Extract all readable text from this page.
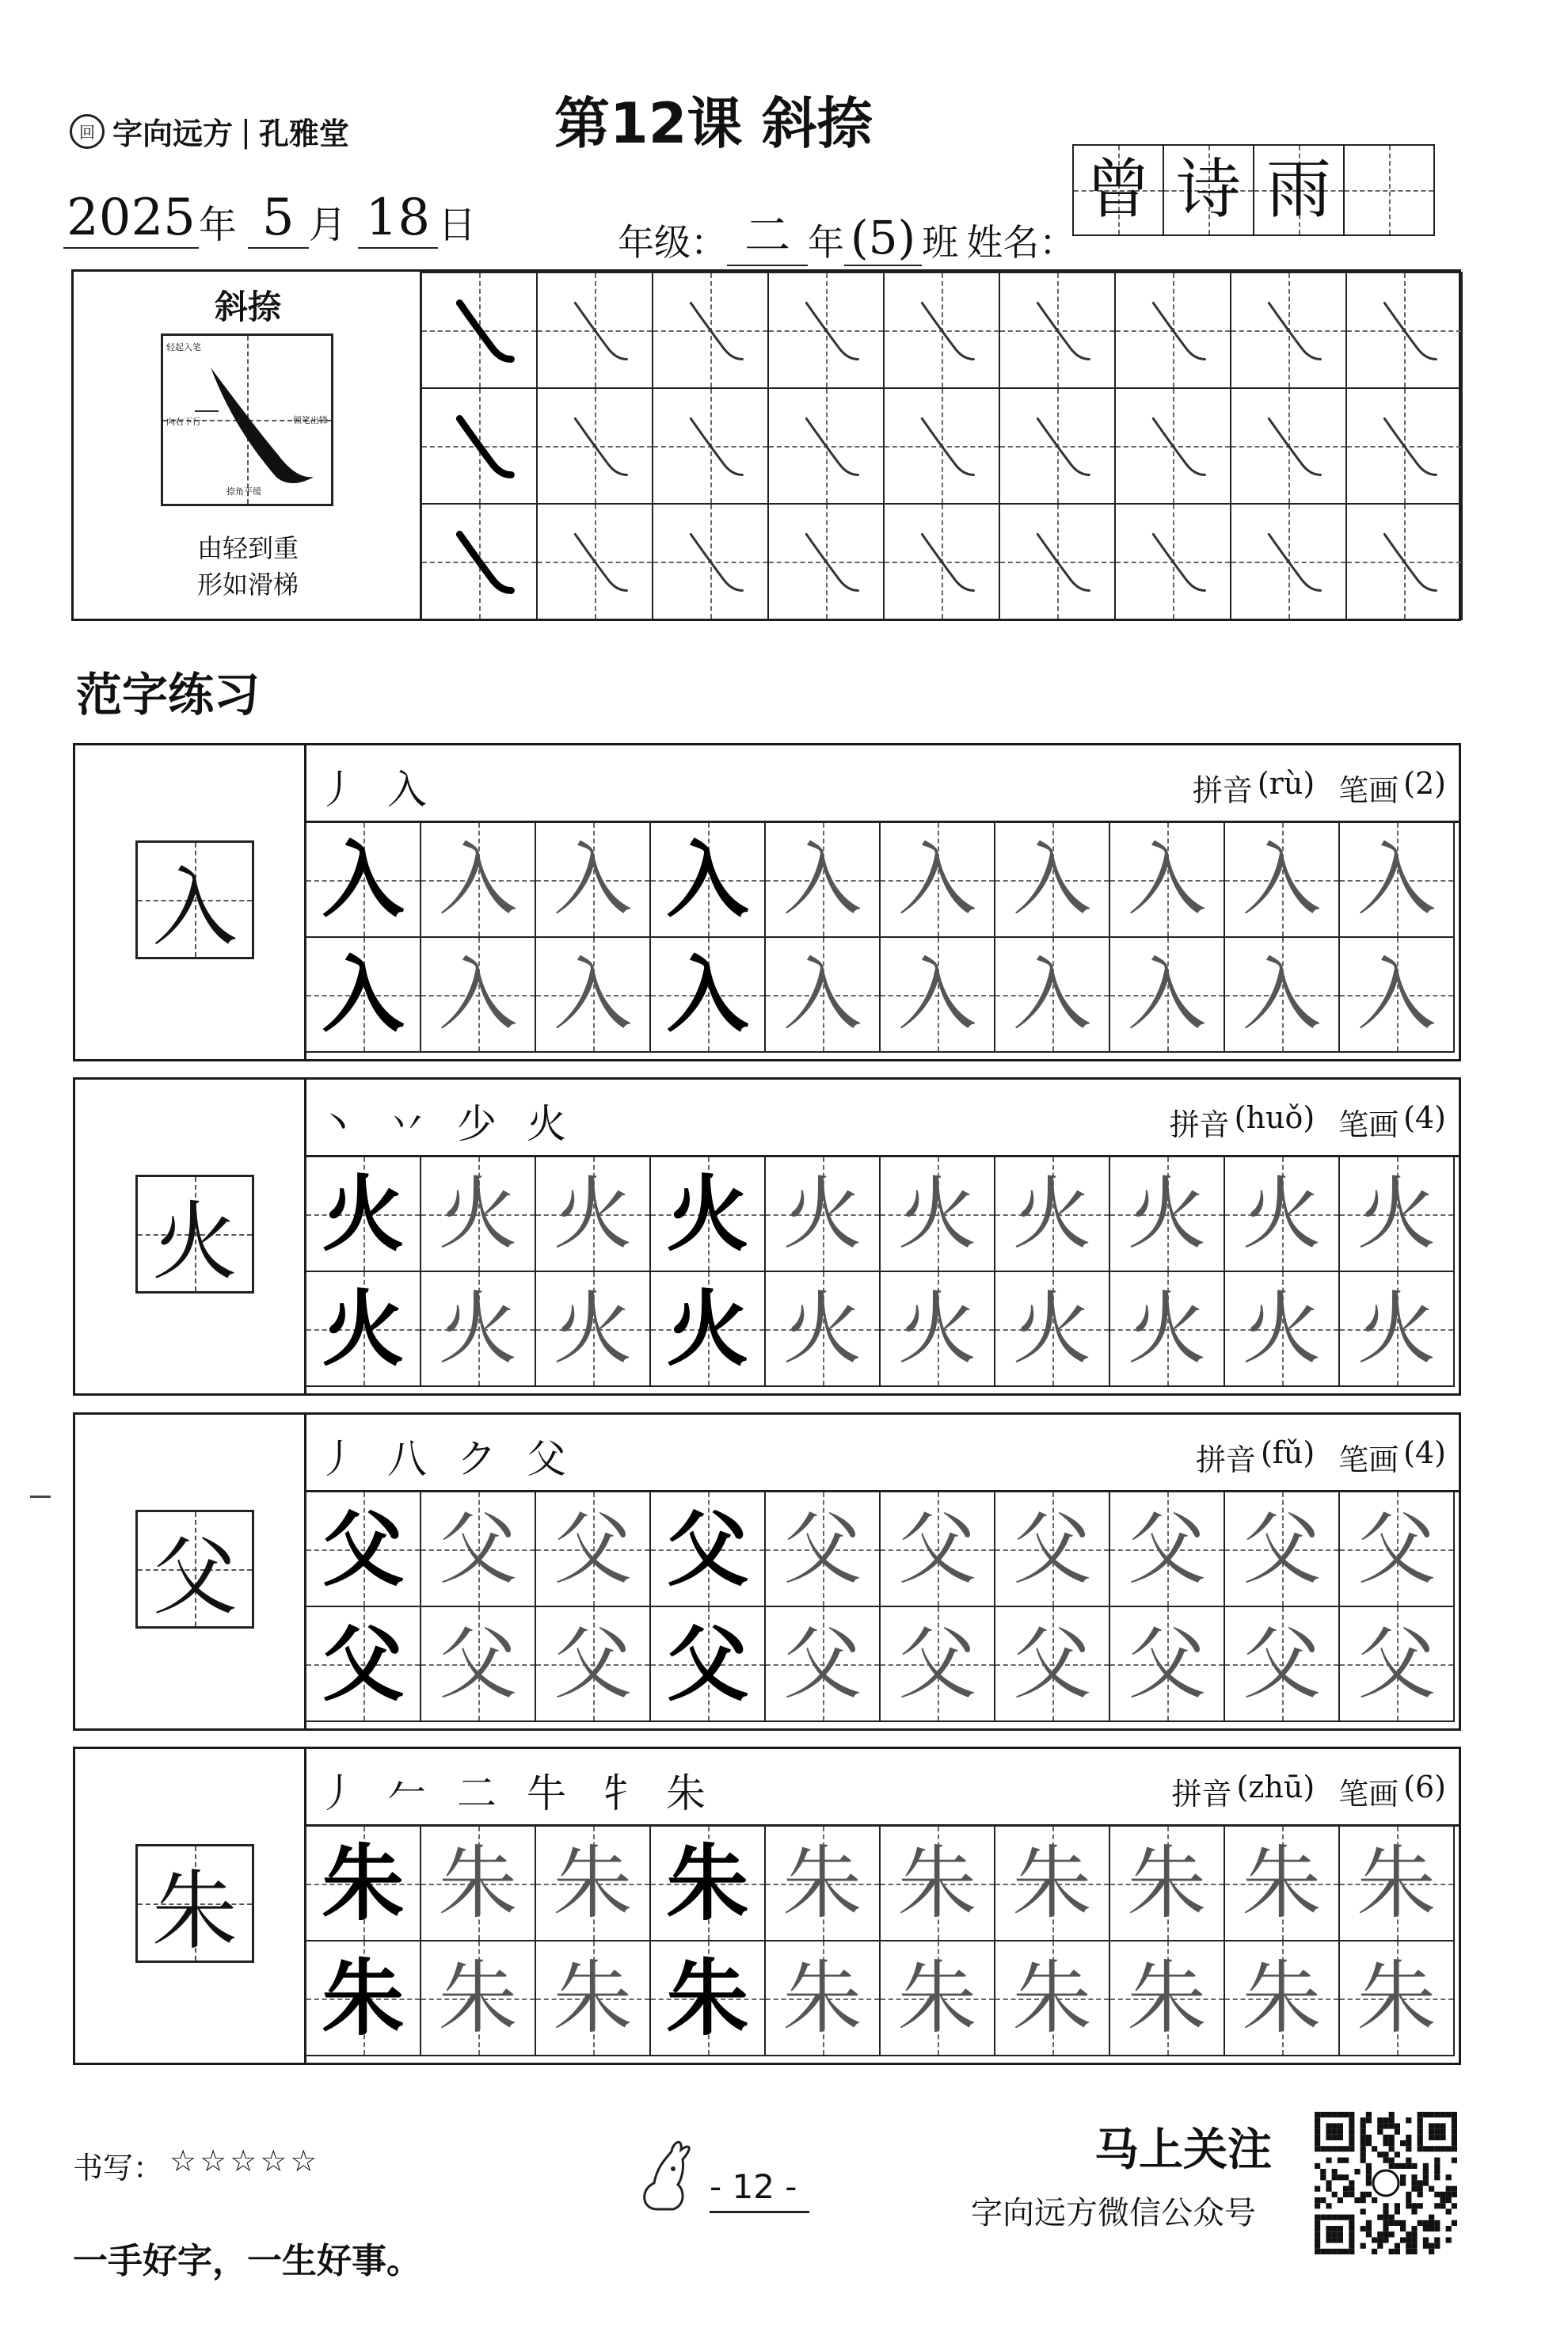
回 字向远方 | 孔雅堂	第12课 斜捺
2025 年 5 月 18 日	年级： 二 年 (5) 班 姓名：
曾 诗 雨
斜捺
轻起入笔
向右下行	顿笔出锋
捺角平缓
由轻到重
形如滑梯
范字练习
入
丿 入	拼音 (rù) 笔画 (2)
入 入 入 入 入 入 入 入 入 入
入 入 入 入 入 入 入 入 入 入
火
丶 丷 少 火	拼音 (huǒ) 笔画 (4)
火 火 火 火 火 火 火 火 火 火
火 火 火 火 火 火 火 火 火 火
父
丿 八 ク 父	拼音 (fǔ) 笔画 (4)
父 父 父 父 父 父 父 父 父 父
父 父 父 父 父 父 父 父 父 父
朱
丿 𠂉 二 牛 牜 朱	拼音 (zhū) 笔画 (6)
朱 朱 朱 朱 朱 朱 朱 朱 朱 朱
朱 朱 朱 朱 朱 朱 朱 朱 朱 朱
书写： ☆☆☆☆☆
一手好字，一生好事。
- 12 -
马上关注
字向远方微信公众号
